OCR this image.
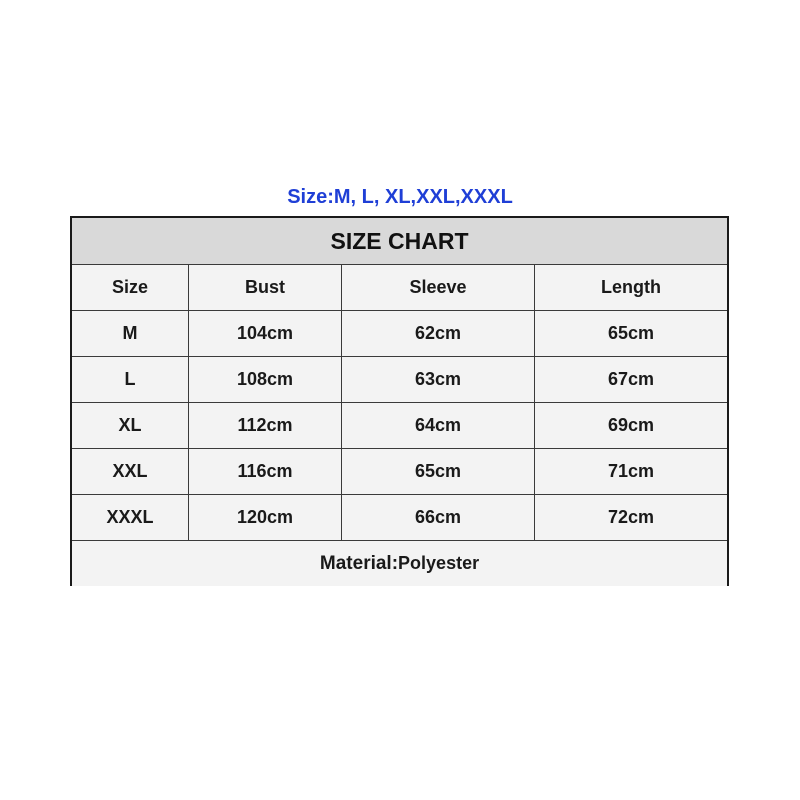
Size:M, L, XL,XXL,XXXL
SIZE CHART
Size	Bust	Sleeve	Length
M	104cm	62cm	65cm
L	108cm	63cm	67cm
XL	112cm	64cm	69cm
XXL	116cm	65cm	71cm
XXXL	120cm	66cm	72cm
Material: Polyester
